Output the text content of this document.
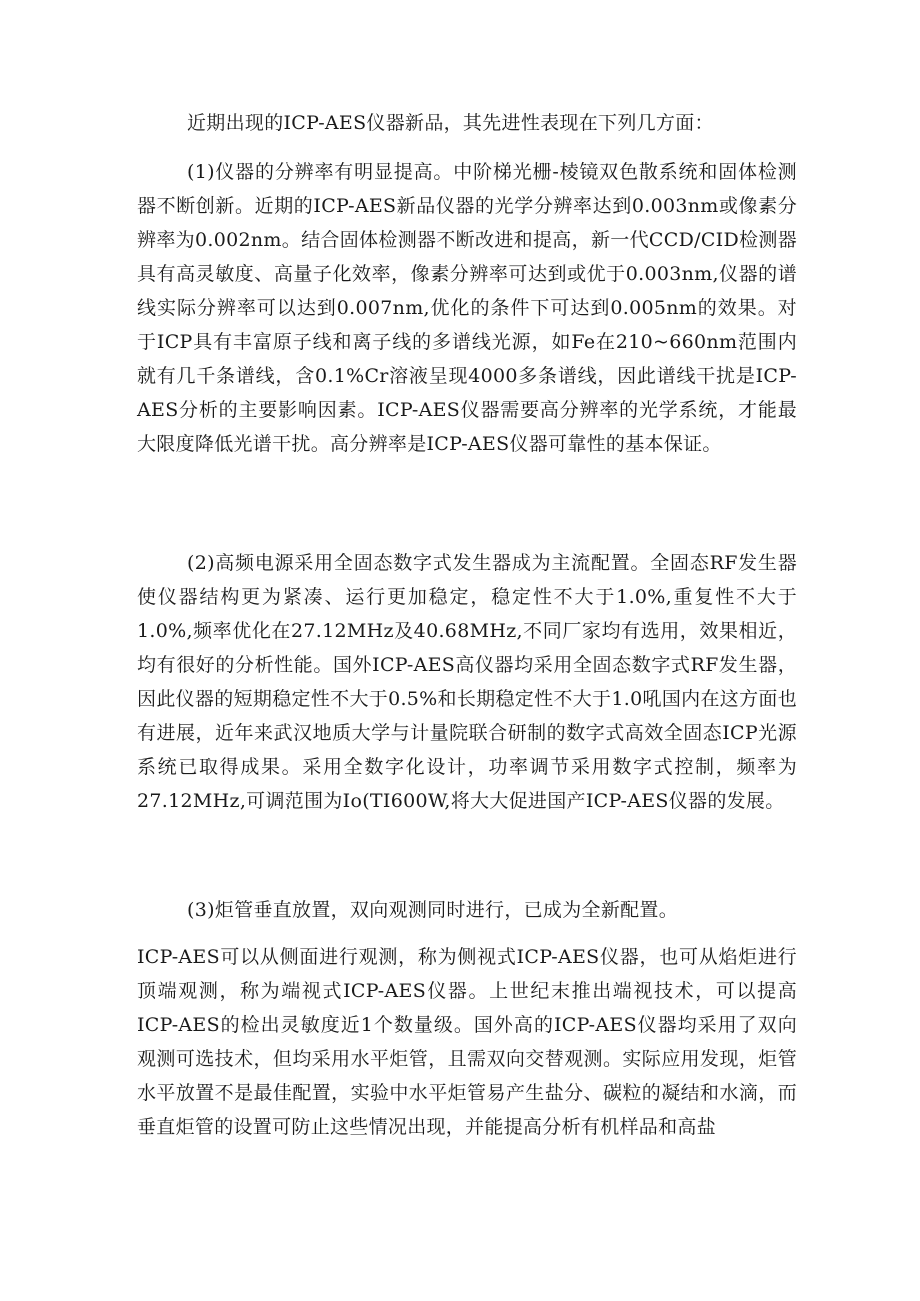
近期出现的ICP-AES仪器新品，其先进性表现在下列几方面：

(1)仪器的分辨率有明显提高。中阶梯光栅-棱镜双色散系统和固体检测器不断创新。近期的ICP-AES新品仪器的光学分辨率达到0.003nm或像素分辨率为0.002nm。结合固体检测器不断改进和提高，新一代CCD/CID检测器具有高灵敏度、高量子化效率，像素分辨率可达到或优于0.003nm,仪器的谱线实际分辨率可以达到0.007nm,优化的条件下可达到0.005nm的效果。对于ICP具有丰富原子线和离子线的多谱线光源，如Fe在210~660nm范围内就有几千条谱线，含0.1%Cr溶液呈现4000多条谱线，因此谱线干扰是ICP-AES分析的主要影响因素。ICP-AES仪器需要高分辨率的光学系统，才能最大限度降低光谱干扰。高分辨率是ICP-AES仪器可靠性的基本保证。

(2)高频电源采用全固态数字式发生器成为主流配置。全固态RF发生器使仪器结构更为紧凑、运行更加稳定，稳定性不大于1.0%,重复性不大于1.0%,频率优化在27.12MHz及40.68MHz,不同厂家均有选用，效果相近，均有很好的分析性能。国外ICP-AES高仪器均采用全固态数字式RF发生器，因此仪器的短期稳定性不大于0.5%和长期稳定性不大于1.0吼国内在这方面也有进展，近年来武汉地质大学与计量院联合研制的数字式高效全固态ICP光源系统已取得成果。采用全数字化设计，功率调节采用数字式控制，频率为27.12MHz,可调范围为Io(TI600W,将大大促进国产ICP-AES仪器的发展。

(3)炬管垂直放置，双向观测同时进行，已成为全新配置。

ICP-AES可以从侧面进行观测，称为侧视式ICP-AES仪器，也可从焰炬进行顶端观测，称为端视式ICP-AES仪器。上世纪末推出端视技术，可以提高ICP-AES的检出灵敏度近1个数量级。国外高的ICP-AES仪器均采用了双向观测可选技术，但均采用水平炬管，且需双向交替观测。实际应用发现，炬管水平放置不是最佳配置，实验中水平炬管易产生盐分、碳粒的凝结和水滴，而垂直炬管的设置可防止这些情况出现，并能提高分析有机样品和高盐
